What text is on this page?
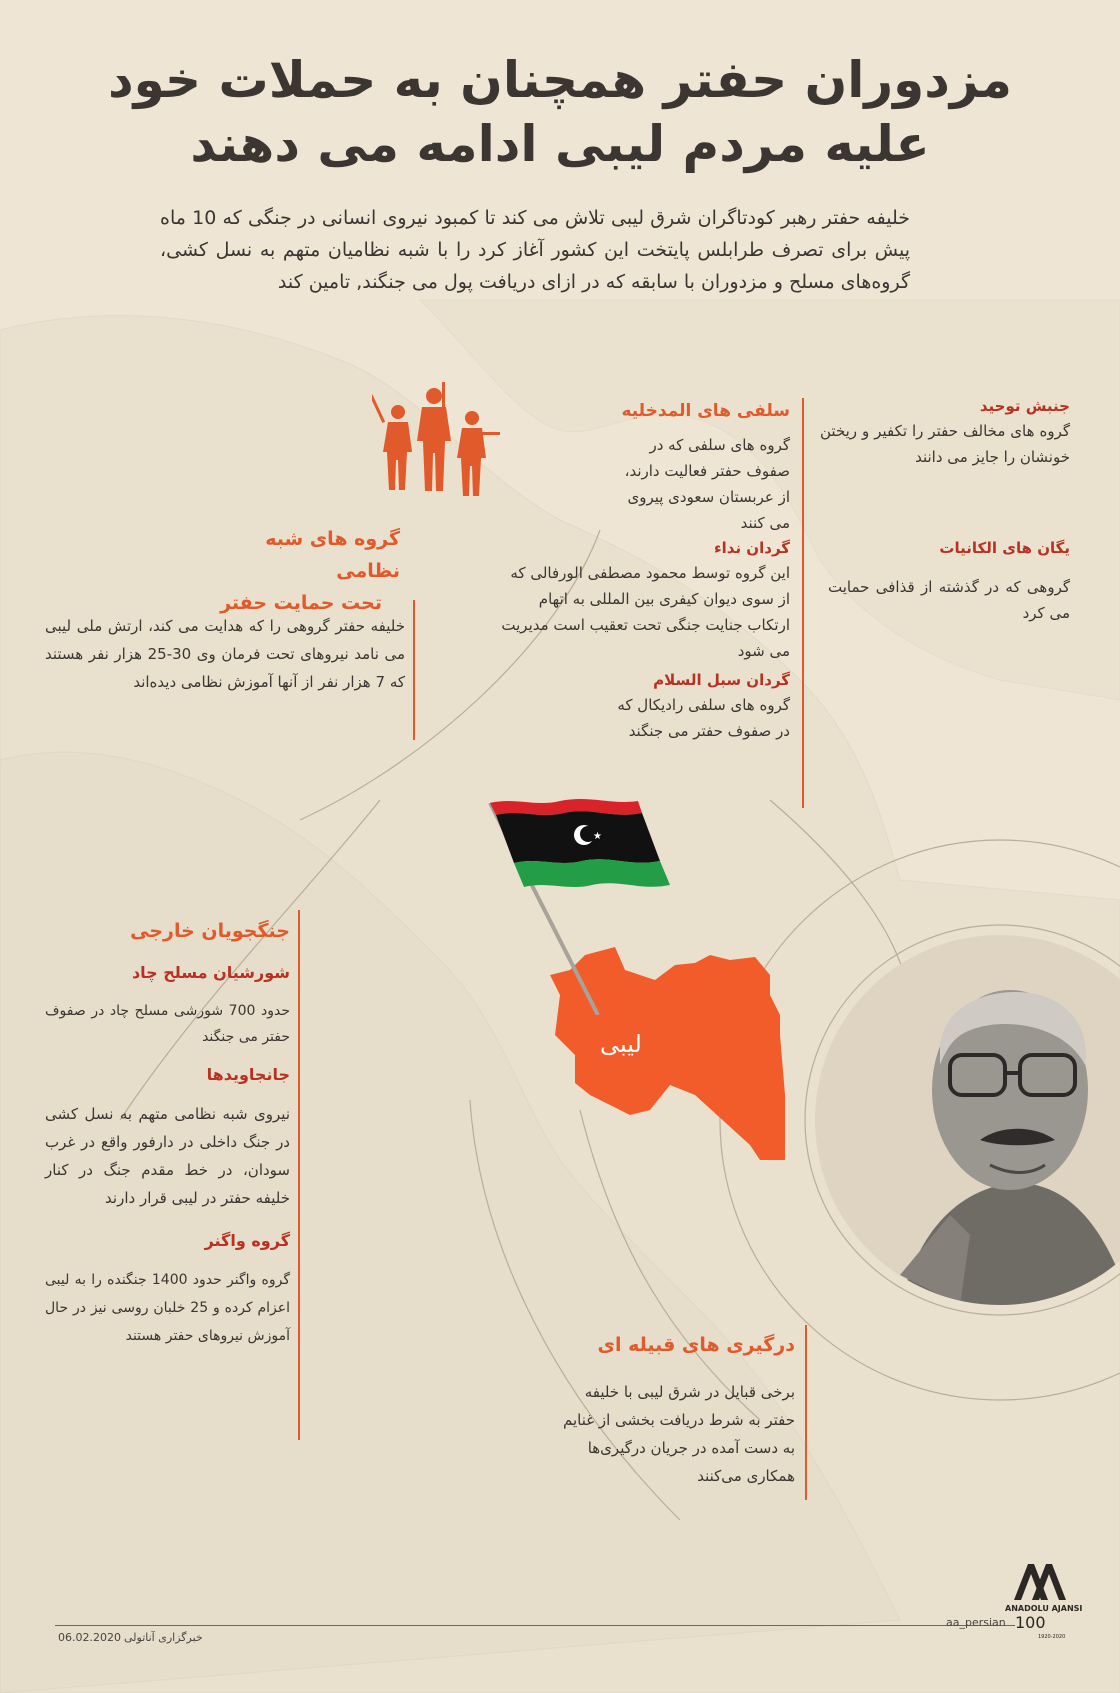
مزدوران حفتر همچنان به حملات خود
علیه مردم لیبی ادامه می دهند
خلیفه حفتر رهبر کودتاگران شرق لیبی تلاش می کند تا کمبود نیروی انسانی در جنگی که 10 ماه پیش برای تصرف طرابلس پایتخت این کشور آغاز کرد را با شبه نظامیان متهم به نسل کشی، گروه‌های مسلح و مزدوران با سابقه که در ازای دریافت پول می جنگند, تامین کند
گروه های شبه نظامی
تحت حمایت حفتر
خلیفه حفتر گروهی را که هدایت می کند، ارتش ملی لیبی می نامد نیروهای تحت فرمان وی 30-25 هزار نفر هستند که 7 هزار نفر از آنها آموزش نظامی دیده‌اند
سلفی های المدخلیه
گروه های سلفی که در صفوف حفتر فعالیت دارند، از عربستان سعودی پیروی می کنند
گردان نداء
این گروه توسط محمود مصطفی الورفالی که از سوی دیوان کیفری بین المللی به اتهام ارتکاب جنایت جنگی تحت تعقیب است مدیریت می شود
گردان سبل السلام
گروه های سلفی رادیکال که در صفوف حفتر می جنگند
جنبش توحید
گروه های مخالف حفتر را تکفیر و ریختن خونشان را جایز می دانند
یگان های الکانیات
گروهی که در گذشته از قذافی حمایت می کرد
لیبی
★
جنگجویان خارجی
شورشیان مسلح چاد
حدود 700 شورشی مسلح چاد در صفوف حفتر می جنگند
جانجاویدها
نیروی شبه نظامی متهم به نسل کشی در جنگ داخلی در دارفور واقع در غرب سودان، در خط مقدم جنگ در کنار خلیفه حفتر در لیبی قرار دارند
گروه واگنر
گروه واگنر حدود 1400 جنگنده را به لیبی اعزام کرده و 25 خلبان روسی نیز در حال آموزش نیروهای حفتر هستند	درگیری های قبیله ای
برخی قبایل در شرق لیبی با خلیفه حفتر به شرط دریافت بخشی از غنایم به دست آمده در جریان درگیری‌ها همکاری می‌کنند
06.02.2020 خبرگزاری آناتولی
aa_persian
ANADOLU AJANSI
100
1920-2020
